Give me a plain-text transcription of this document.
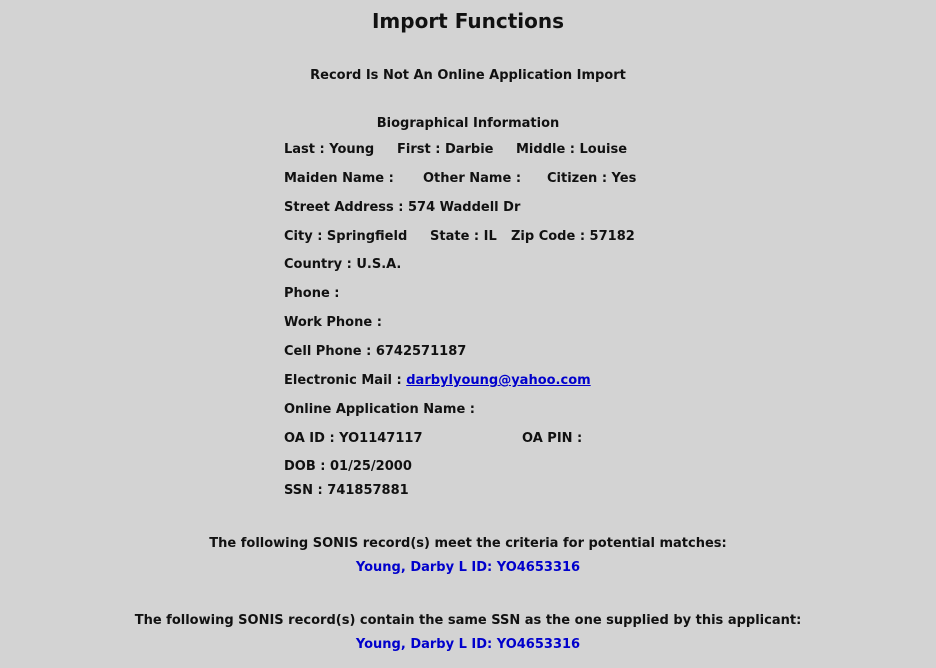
Import Functions
Record Is Not An Online Application Import
Biographical Information
Last : Young First : Darbie Middle : Louise
Maiden Name : Other Name : Citizen : Yes
Street Address : 574 Waddell Dr
City : Springfield State : IL Zip Code : 57182
Country : U.S.A.
Phone :
Work Phone :
Cell Phone : 6742571187
Electronic Mail : darbylyoung@yahoo.com
Online Application Name :
OA ID : YO1147117	OA PIN :
DOB : 01/25/2000
SSN : 741857881
The following SONIS record(s) meet the criteria for potential matches:
Young, Darby L ID: YO4653316
The following SONIS record(s) contain the same SSN as the one supplied by this applicant:
Young, Darby L ID: YO4653316
